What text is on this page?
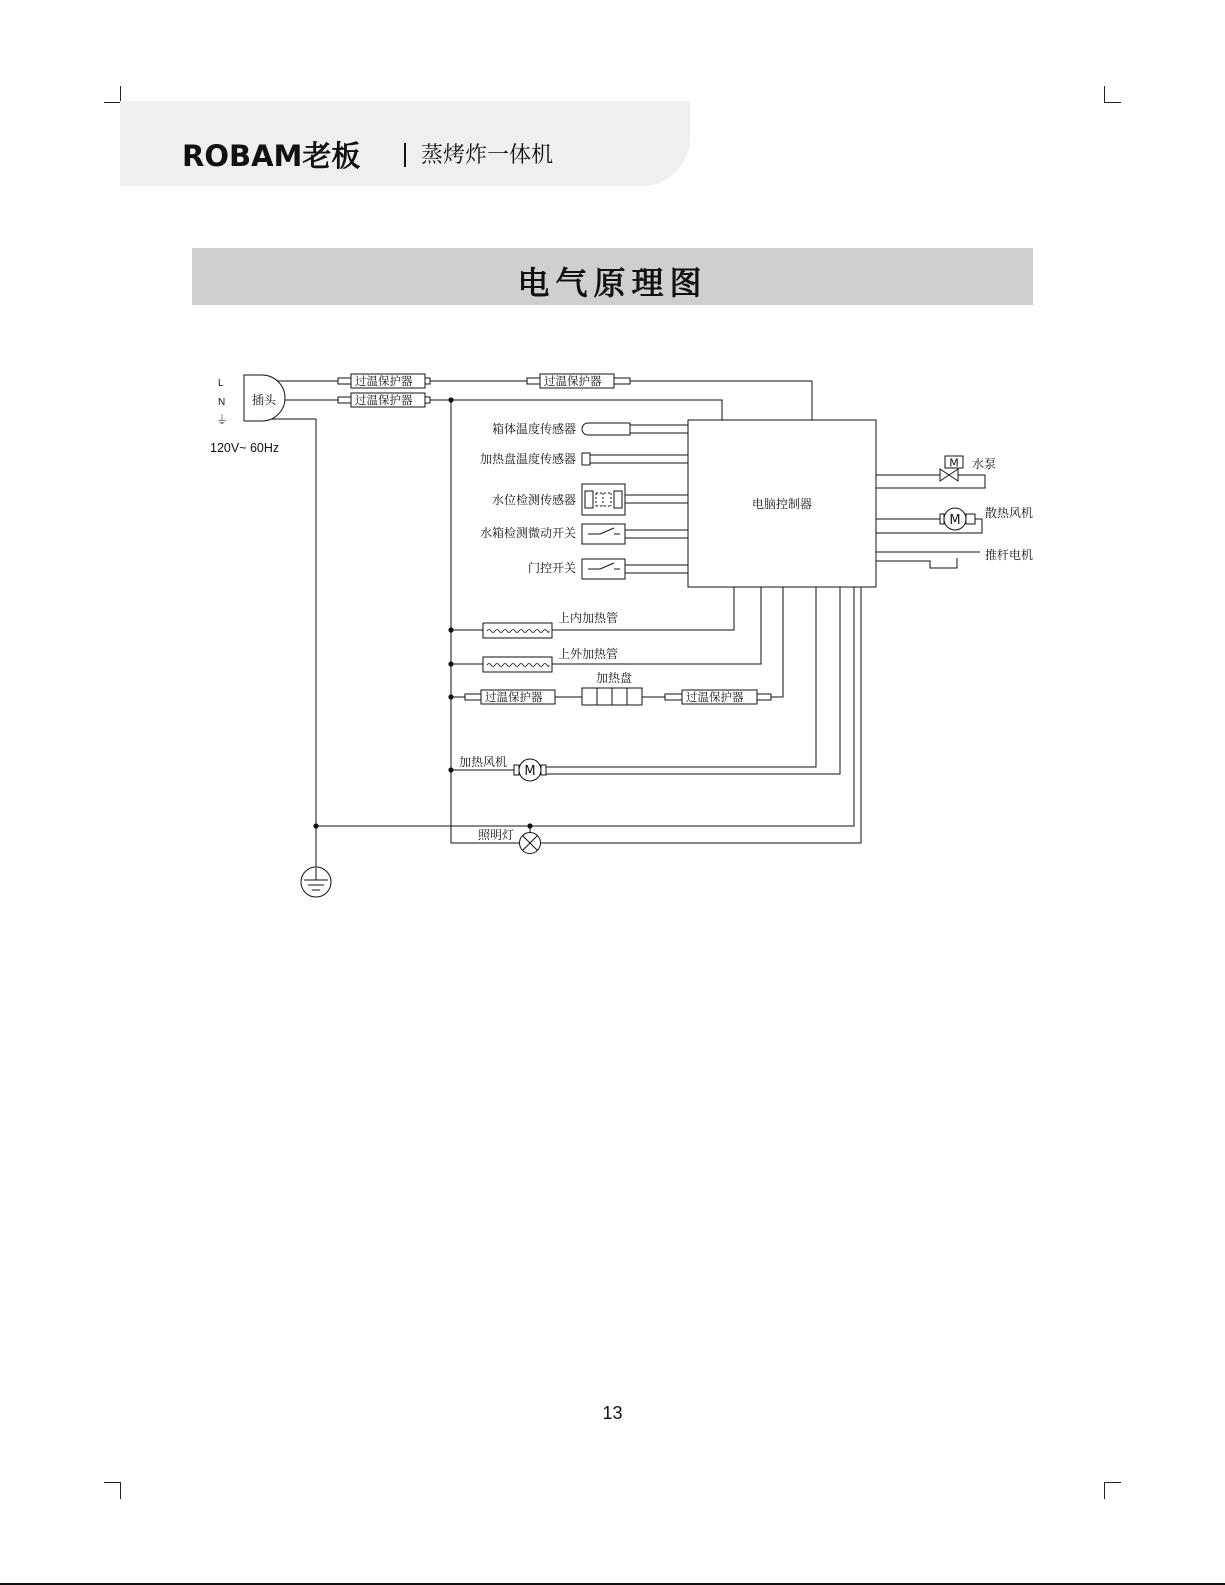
ROBAM老板	蒸烤炸一体机
电气原理图
插头
L
N
⏚
120V~ 60Hz
过温保护器
过温保护器
过温保护器
过温保护器	过温保护器
电脑控制器
箱体温度传感器
加热盘温度传感器
水位检测传感器
水箱检测微动开关
门控开关
M 水泵
M 散热风机
推杆电机
上内加热管
上外加热管
加热盘
M
加热风机
照明灯
13
